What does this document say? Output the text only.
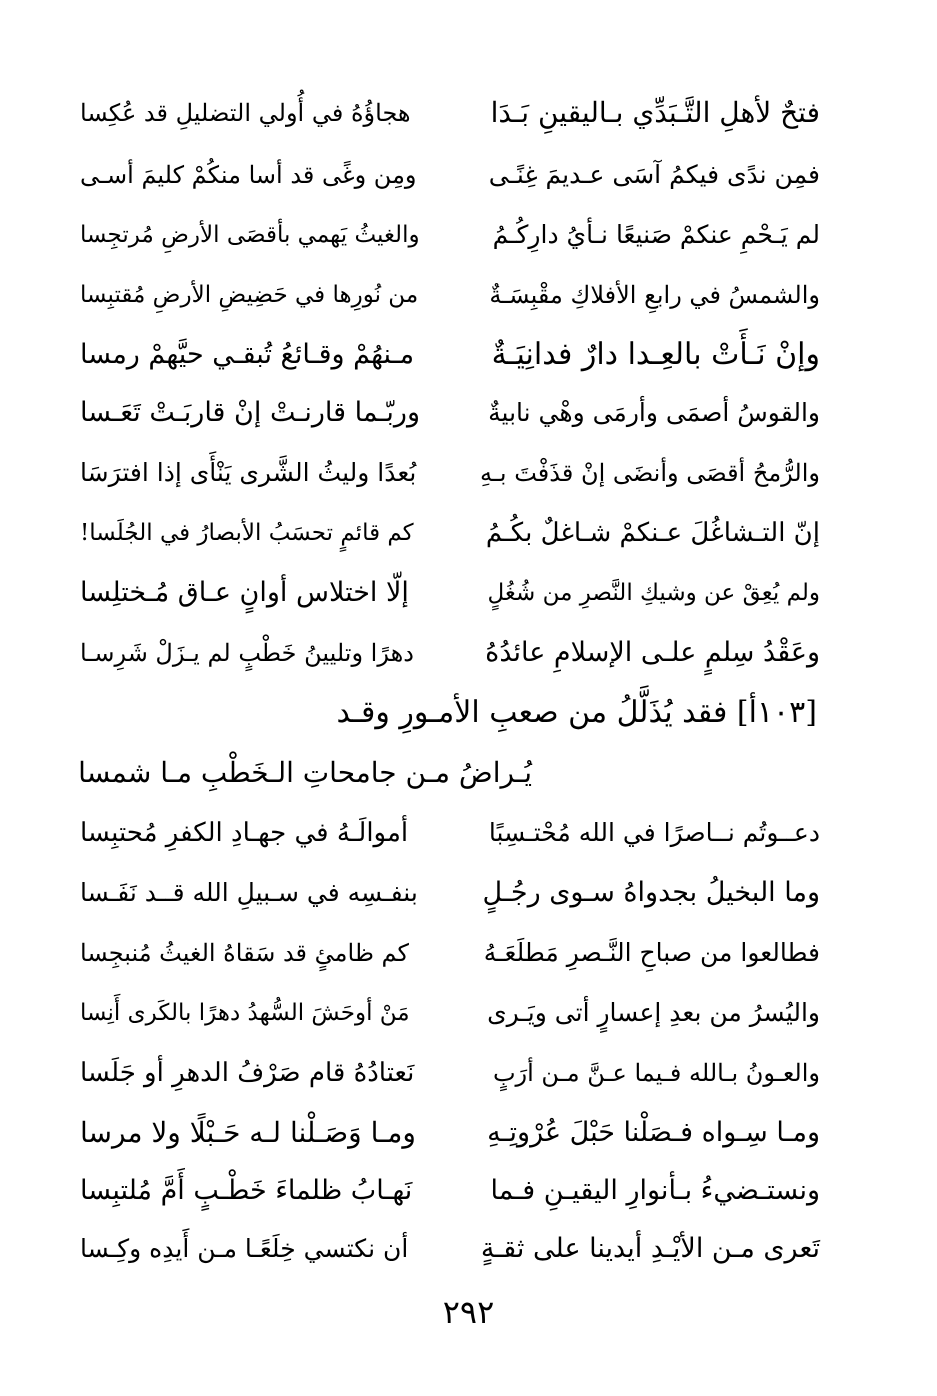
فتحٌ لأهلِ التَّـبَدِّي بـاليقينِ بَـدَا
هجاؤُهُ في أُولي التضليلِ قد عُكِسا
فمِن ندًى فيكمُ آسَى عـديمَ غِنًـى
ومِن وغًى قد أسا منكُمْ كليمَ أسـى
لم يَـحْمِ عنكمْ صَنيعًا نـأيُ دارِكُـمُ
والغيثُ يَهمي بأقصَى الأرضِ مُرتجِسا
والشمسُ في رابعِ الأفلاكِ مقْبِسَـةٌ
من نُورِها في حَضِيضِ الأرضِ مُقتبِسا
وإنْ نَـأَتْ بالعِـدا دارٌ فدانِيَـةٌ
مـنهُمْ وقـائعُ تُبقـي حيَّهمْ رمسا
والقوسُ أصمَى وأرمَى وهْي نابيةٌ
وربّـما قارنـتْ إنْ قاربَـتْ تَعَـسا
والرُّمحُ أقصَى وأنضَى إنْ قذَفْتَ بـهِ
بُعدًا وليثُ الشَّرى يَنْأَى إذا افترَسَا
إنّ التـشاغُلَ عـنكمْ شـاغلٌ بكُـمُ
كم قائمٍ تحسَبُ الأبصارُ في الجُلَسا!
ولم يُعِقْ عن وشيكِ النَّصرِ من شُغُلٍ
إلّا اختلاس أوانٍ عـاق مُـختلِسا
وعَقْدُ سِلمٍ علـى الإسلامِ عائدُهُ
دهرًا وتليينُ خَطْبٍ لم يـزَلْ شَرِسـا
[١٠٣أ] فقد يُذَلَّلُ من صعبِ الأمـورِ وقـد
يُـراضُ مـن جامحاتِ الـخَطْبِ مـا شمسا
دعــوتُم نــاصرًا في الله مُحْتـسِبًا
أموالَـهُ في جهـادِ الكفرِ مُحتبِسا
وما البخيلُ بجدواهُ سـوى رجُـلٍ
بنفـسِه في سـبيلِ الله قــد نَفَـسا
فطالعوا من صباحِ النَّـصرِ مَطلَعَـهُ
كم ظامئٍ قد سَقاهُ الغيثُ مُنبجِسا
واليُسرُ من بعدِ إعسارٍ أتى ويَـرى
مَنْ أوحَشَ السُّهدُ دهرًا بالكَرى أَنِسا
والعـونُ بـالله فـيما عـنَّ مـن أرَبٍ
نَعتادُهُ قام صَرْفُ الدهرِ أو جَلَسا
ومـا سِـواه فـصَلْنا حَبْلَ عُرْوتِـهِ
ومـا وَصَـلْنا لـه حَـبْلًا ولا مرسا
ونستـضيءُ بـأنوارِ اليقيـنِ فـما
نَهـابُ ظلماءَ خَطْـبٍ أَمَّ مُلتبِسا
تَعرى مـن الأيْـدِ أيدينا على ثقـةٍ
أن نكتسي خِلَعًـا مـن أَيدِه وكِـسا
٢٩٢
